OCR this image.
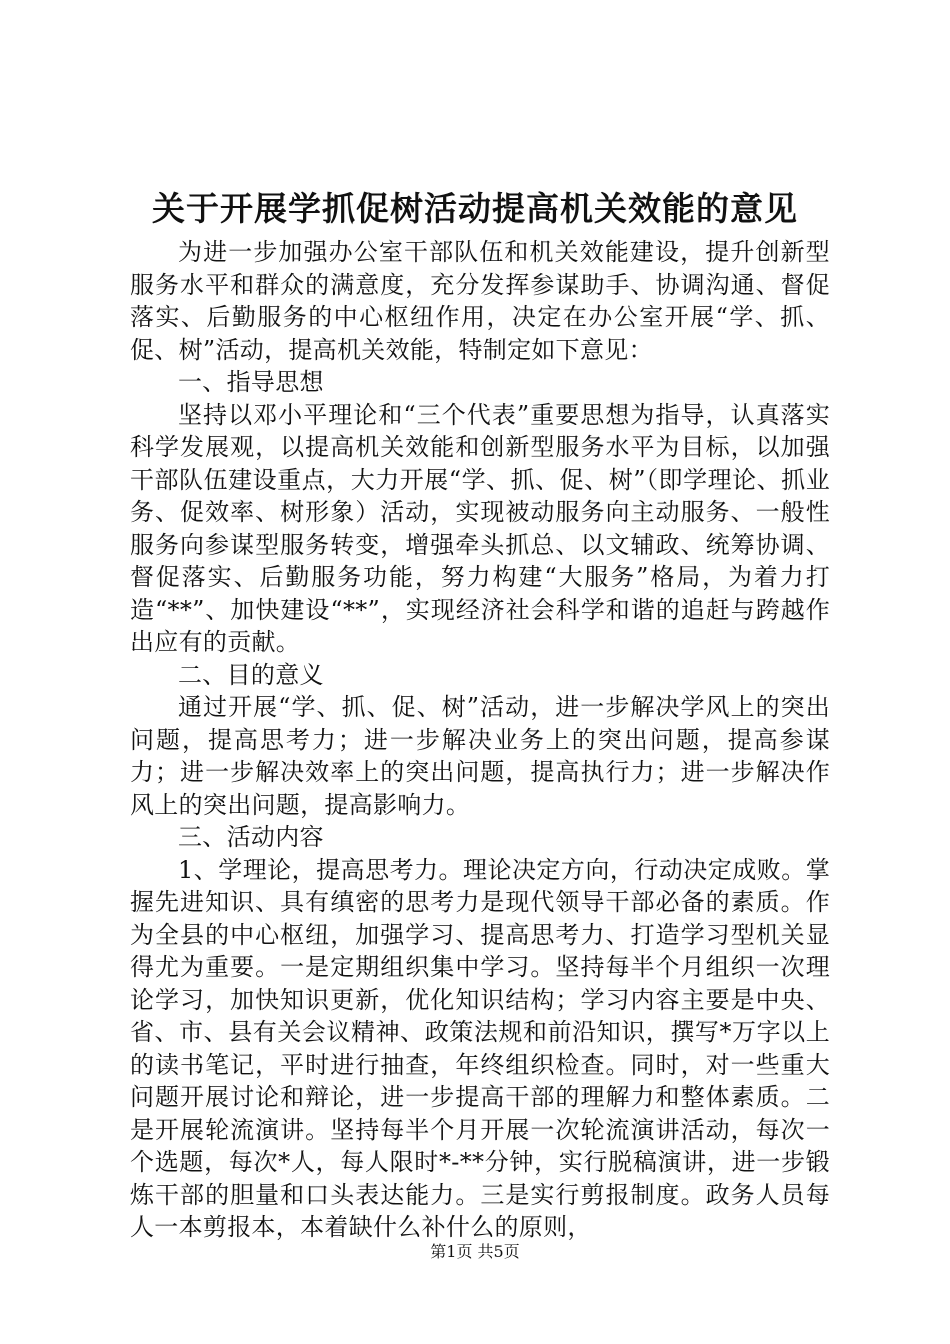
关于开展学抓促树活动提高机关效能的意见

为进一步加强办公室干部队伍和机关效能建设，提升创新型服务水平和群众的满意度，充分发挥参谋助手、协调沟通、督促落实、后勤服务的中心枢纽作用，决定在办公室开展“学、抓、促、树”活动，提高机关效能，特制定如下意见：

一、指导思想

坚持以邓小平理论和“三个代表”重要思想为指导，认真落实科学发展观，以提高机关效能和创新型服务水平为目标，以加强干部队伍建设重点，大力开展“学、抓、促、树”（即学理论、抓业务、促效率、树形象）活动，实现被动服务向主动服务、一般性服务向参谋型服务转变，增强牵头抓总、以文辅政、统筹协调、督促落实、后勤服务功能，努力构建“大服务”格局，为着力打造“**”、加快建设“**”，实现经济社会科学和谐的追赶与跨越作出应有的贡献。

二、目的意义

通过开展“学、抓、促、树”活动，进一步解决学风上的突出问题，提高思考力；进一步解决业务上的突出问题，提高参谋力；进一步解决效率上的突出问题，提高执行力；进一步解决作风上的突出问题，提高影响力。

三、活动内容

1、学理论，提高思考力。理论决定方向，行动决定成败。掌握先进知识、具有缜密的思考力是现代领导干部必备的素质。作为全县的中心枢纽，加强学习、提高思考力、打造学习型机关显得尤为重要。一是定期组织集中学习。坚持每半个月组织一次理论学习，加快知识更新，优化知识结构；学习内容主要是中央、省、市、县有关会议精神、政策法规和前沿知识，撰写*万字以上的读书笔记，平时进行抽查，年终组织检查。同时，对一些重大问题开展讨论和辩论，进一步提高干部的理解力和整体素质。二是开展轮流演讲。坚持每半个月开展一次轮流演讲活动，每次一个选题，每次*人，每人限时*-**分钟，实行脱稿演讲，进一步锻炼干部的胆量和口头表达能力。三是实行剪报制度。政务人员每人一本剪报本，本着缺什么补什么的原则，

第1页 共5页
